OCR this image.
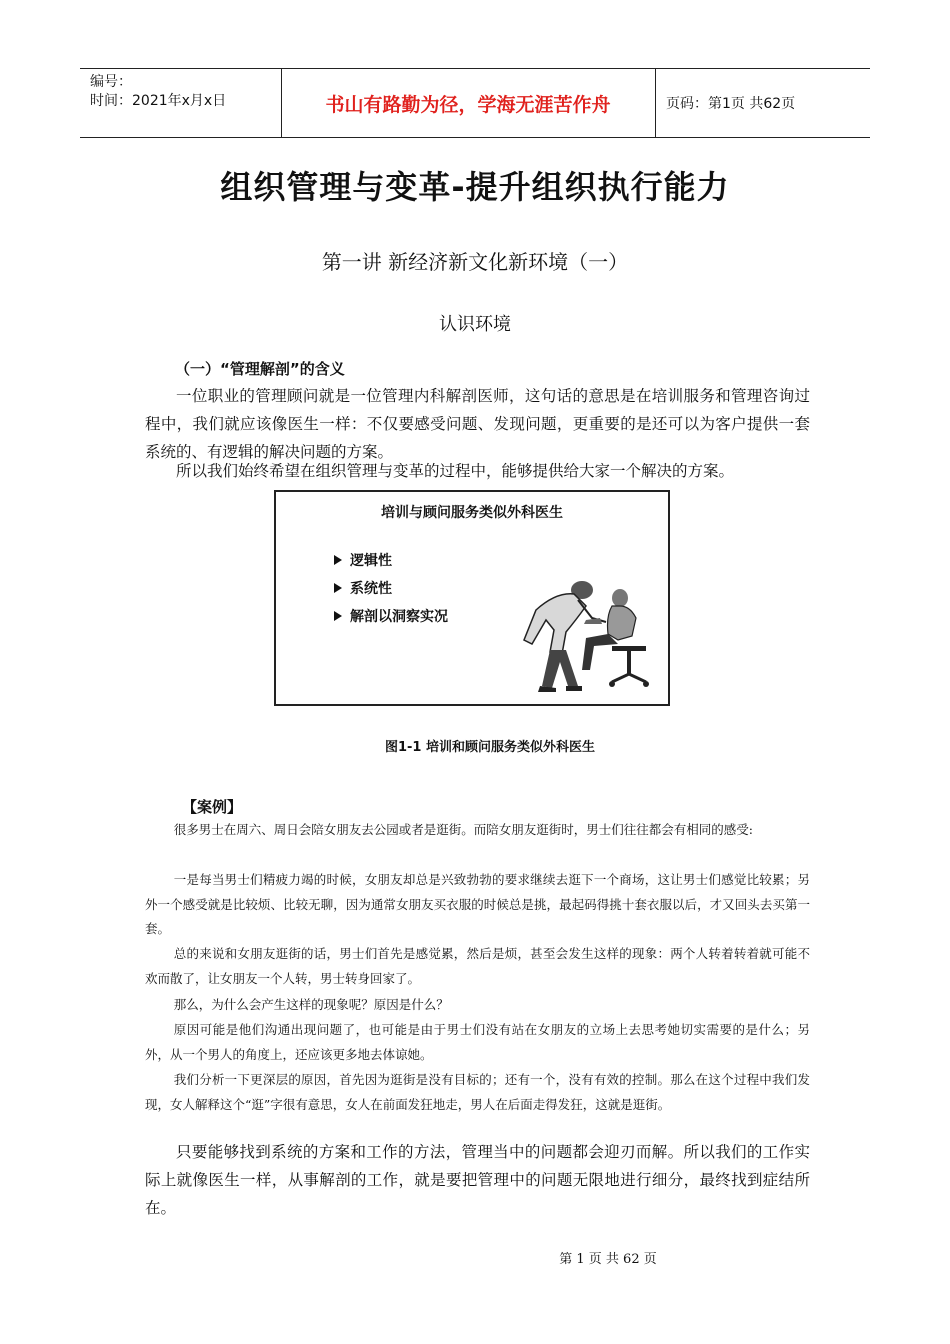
编号：
时间：2021年x月x日	书山有路勤为径，学海无涯苦作舟	页码：第1页 共62页
组织管理与变革-提升组织执行能力
第一讲 新经济新文化新环境（一）
认识环境
（一）“管理解剖”的含义

一位职业的管理顾问就是一位管理内科解剖医师，这句话的意思是在培训服务和管理咨询过程中，我们就应该像医生一样：不仅要感受问题、发现问题，更重要的是还可以为客户提供一套系统的、有逻辑的解决问题的方案。

所以我们始终希望在组织管理与变革的过程中，能够提供给大家一个解决的方案。

培训与顾问服务类似外科医生
逻辑性
系统性
解剖以洞察实况
图1-1 培训和顾问服务类似外科医生
【案例】

很多男士在周六、周日会陪女朋友去公园或者是逛街。而陪女朋友逛街时，男士们往往都会有相同的感受:

一是每当男士们精疲力竭的时候，女朋友却总是兴致勃勃的要求继续去逛下一个商场，这让男士们感觉比较累；另外一个感受就是比较烦、比较无聊，因为通常女朋友买衣服的时候总是挑，最起码得挑十套衣服以后，才又回头去买第一套。

总的来说和女朋友逛街的话，男士们首先是感觉累，然后是烦，甚至会发生这样的现象：两个人转着转着就可能不欢而散了，让女朋友一个人转，男士转身回家了。

那么，为什么会产生这样的现象呢？原因是什么？

原因可能是他们沟通出现问题了，也可能是由于男士们没有站在女朋友的立场上去思考她切实需要的是什么；另外，从一个男人的角度上，还应该更多地去体谅她。

我们分析一下更深层的原因，首先因为逛街是没有目标的；还有一个，没有有效的控制。那么在这个过程中我们发现，女人解释这个“逛”字很有意思，女人在前面发狂地走，男人在后面走得发狂，这就是逛街。

只要能够找到系统的方案和工作的方法，管理当中的问题都会迎刃而解。所以我们的工作实际上就像医生一样，从事解剖的工作，就是要把管理中的问题无限地进行细分，最终找到症结所在。

第 1 页 共 62 页
